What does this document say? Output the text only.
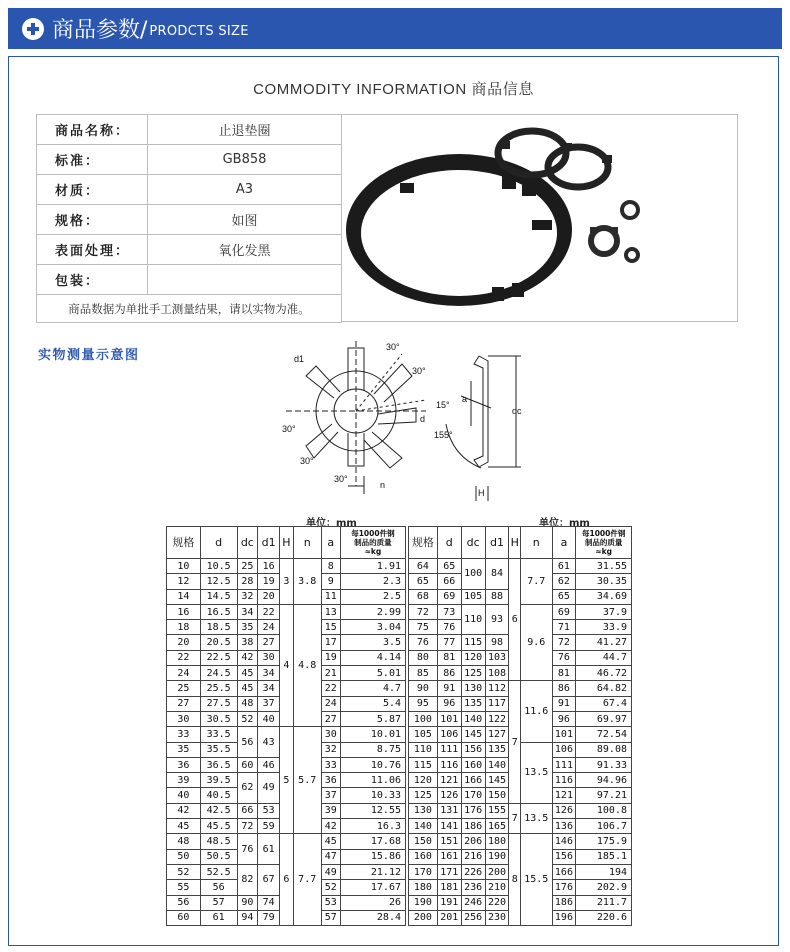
商品参数/ PRODCTS SIZE
COMMODITY INFORMATION 商品信息
商品名称：	止退垫圈
标准：	GB858
材质：	A3
规格：	如图
表面处理：	氧化发黑
包装：	
商品数据为单批手工测量结果，请以实物为准。	
实物测量示意图	d1
d
30°
30°
30°
30°
30°
n
15°
155°
a
dc
H
单位：mm	单位：mm
规格	d	dc	d1	H	n	a	每1000件钢
制品的质量
≈kg

10	10.5	25	16	3	3.8	8	1.91
12	12.5	28	19			9	2.3
14	14.5	32	20			11	2.5
16	16.5	34	22	4	4.8	13	2.99
18	18.5	35	24			15	3.04
20	20.5	38	27			17	3.5
22	22.5	42	30			19	4.14
24	24.5	45	34			21	5.01
25	25.5	45	34			22	4.7
27	27.5	48	37			24	5.4
30	30.5	52	40			27	5.87
33	33.5	56	43	5	5.7	30	10.01
35	35.5					32	8.75
36	36.5	60	46			33	10.76
39	39.5	62	49			36	11.06
40	40.5					37	10.33
42	42.5	66	53			39	12.55
45	45.5	72	59			42	16.3
48	48.5	76	61	6	7.7	45	17.68
50	50.5					47	15.86
52	52.5	82	67			49	21.12
55	56					52	17.67
56	57	90	74			53	26
60	61	94	79			57	28.4
规格	d	dc	d1	H	n	a	每1000件钢
制品的质量
≈kg

64	65	100	84	6	7.7	61	31.55
65	66					62	30.35
68	69	105	88			65	34.69
72	73	110	93		9.6	69	37.9
75	76					71	33.9
76	77	115	98			72	41.27
80	81	120	103			76	44.7
85	86	125	108			81	46.72
90	91	130	112	7	11.6	86	64.82
95	96	135	117			91	67.4
100	101	140	122			96	69.97
105	106	145	127			101	72.54
110	111	156	135		13.5	106	89.08
115	116	160	140			111	91.33
120	121	166	145			116	94.96
125	126	170	150			121	97.21
130	131	176	155	7	13.5	126	100.8
140	141	186	165			136	106.7
150	151	206	180	8	15.5	146	175.9
160	161	216	190			156	185.1
170	171	226	200			166	194
180	181	236	210			176	202.9
190	191	246	220			186	211.7
200	201	256	230			196	220.6
